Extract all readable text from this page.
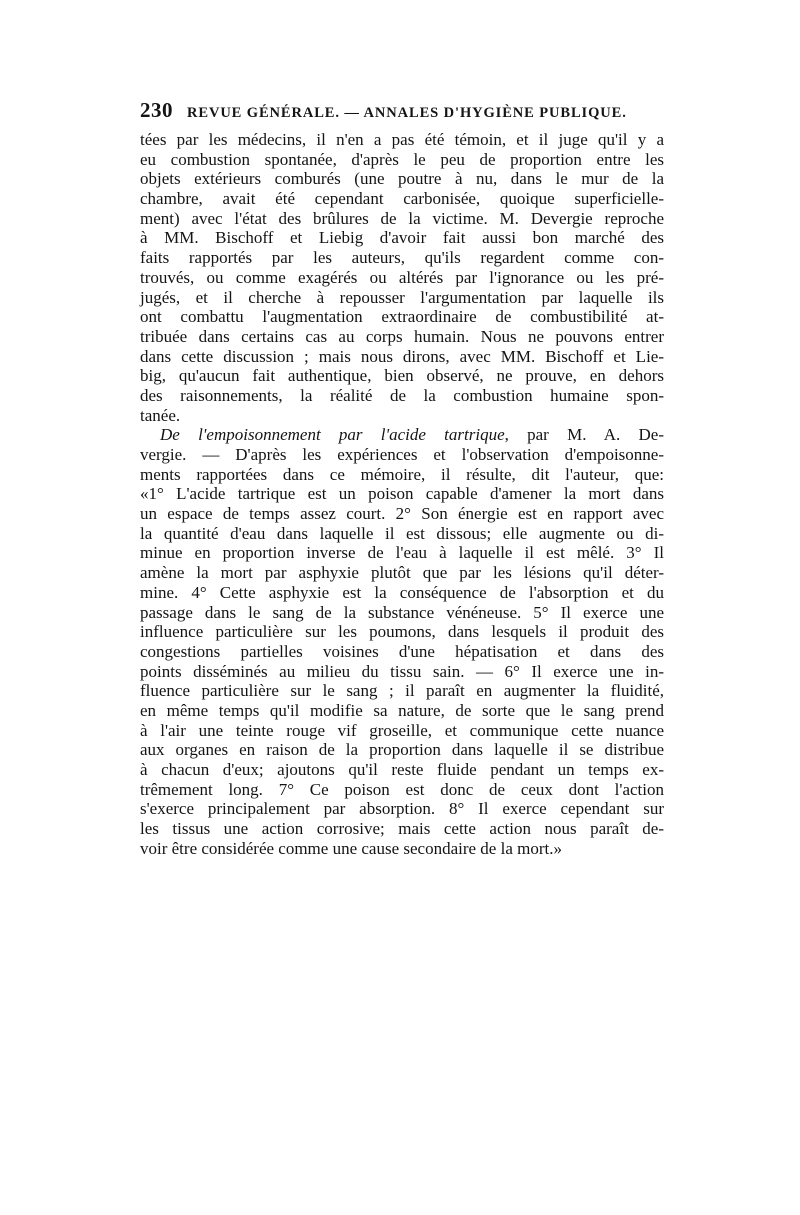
230 REVUE GÉNÉRALE. — ANNALES D'HYGIÈNE PUBLIQUE.
tées par les médecins, il n'en a pas été témoin, et il juge qu'il y a
eu combustion spontanée, d'après le peu de proportion entre les
objets extérieurs comburés (une poutre à nu, dans le mur de la
chambre, avait été cependant carbonisée, quoique superficielle-
ment) avec l'état des brûlures de la victime. M. Devergie reproche
à MM. Bischoff et Liebig d'avoir fait aussi bon marché des
faits rapportés par les auteurs, qu'ils regardent comme con-
trouvés, ou comme exagérés ou altérés par l'ignorance ou les pré-
jugés, et il cherche à repousser l'argumentation par laquelle ils
ont combattu l'augmentation extraordinaire de combustibilité at-
tribuée dans certains cas au corps humain. Nous ne pouvons entrer
dans cette discussion ; mais nous dirons, avec MM. Bischoff et Lie-
big, qu'aucun fait authentique, bien observé, ne prouve, en dehors
des raisonnements, la réalité de la combustion humaine spon-
tanée.
De l'empoisonnement par l'acide tartrique, par M. A. De-
vergie. — D'après les expériences et l'observation d'empoisonne-
ments rapportées dans ce mémoire, il résulte, dit l'auteur, que:
«1° L'acide tartrique est un poison capable d'amener la mort dans
un espace de temps assez court. 2° Son énergie est en rapport avec
la quantité d'eau dans laquelle il est dissous; elle augmente ou di-
minue en proportion inverse de l'eau à laquelle il est mêlé. 3° Il
amène la mort par asphyxie plutôt que par les lésions qu'il déter-
mine. 4° Cette asphyxie est la conséquence de l'absorption et du
passage dans le sang de la substance vénéneuse. 5° Il exerce une
influence particulière sur les poumons, dans lesquels il produit des
congestions partielles voisines d'une hépatisation et dans des
points disséminés au milieu du tissu sain. — 6° Il exerce une in-
fluence particulière sur le sang ; il paraît en augmenter la fluidité,
en même temps qu'il modifie sa nature, de sorte que le sang prend
à l'air une teinte rouge vif groseille, et communique cette nuance
aux organes en raison de la proportion dans laquelle il se distribue
à chacun d'eux; ajoutons qu'il reste fluide pendant un temps ex-
trêmement long. 7° Ce poison est donc de ceux dont l'action
s'exerce principalement par absorption. 8° Il exerce cependant sur
les tissus une action corrosive; mais cette action nous paraît de-
voir être considérée comme une cause secondaire de la mort.»
